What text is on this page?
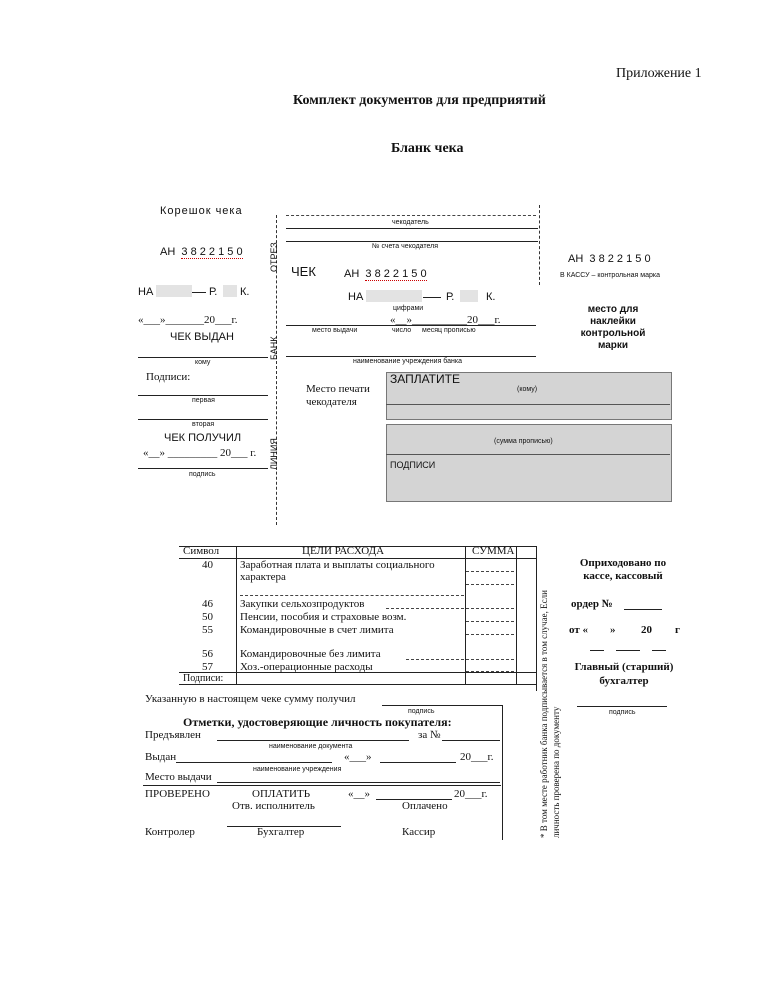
Приложение 1
Комплект документов для предприятий
Бланк чека
Корешок чека
АН 3 8 2 2 1 5 0
НА	Р. К.
«___»_______20___г.
ЧЕК ВЫДАН
кому
Подписи:
первая
вторая
ЧЕК ПОЛУЧИЛ
«__» _________ 20___ г.
подпись
ОТРЕЗ
БАНК
ЛИНИЯ
чекодатель
№ счета чекодателя
ЧЕК	АН 3 8 2 2 1 5 0
НА	Р.	К.
цифрами
«__»__________20___г.
место выдачи	число месяц прописью
наименование учреждения банка
Место печати чекодателя
ЗАПЛАТИТЕ
(кому)
(сумма прописью)
ПОДПИСИ
АН 3 8 2 2 1 5 0
В КАССУ – контрольная марка
место для наклейки контрольной марки
Символ	ЦЕЛИ РАСХОДА	СУММА
40 Заработная плата и выплаты социального характера
46 Закупки сельхозпродуктов
50 Пенсии, пособия и страховые возм.
55 Командировочные в счет лимита
56 Командировочные без лимита
57 Хоз.-операционные расходы
Подписи:	* В том месте работник банка подписывается в том случае, Если личность проверена по документу
Указанную в настоящем чеке сумму получил
подпись
Отметки, удостоверяющие личность покупателя:
Предъявлен	за №
наименование документа
Выдан	«___»	20___г.
наименование учреждения
Место выдачи
ПРОВЕРЕНО	ОПЛАТИТЬ	«__»	20___г.
Отв. исполнитель	Оплачено
Контролер	Бухгалтер	Кассир
Оприходовано по кассе, кассовый
ордер №
от « » 20 г
Главный (старший) бухгалтер
подпись
